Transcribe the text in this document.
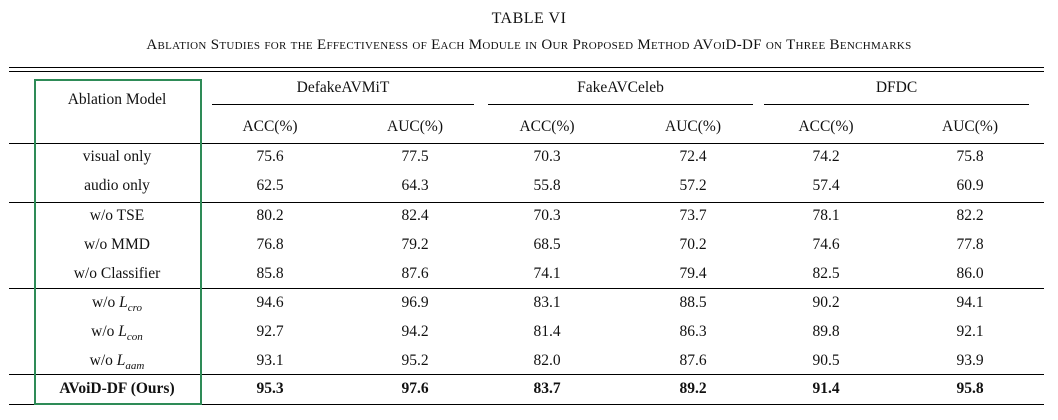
TABLE VI
Ablation Studies for the Effectiveness of Each Module in Our Proposed Method AVoiD-DF on Three Benchmarks
Ablation Model
DefakeAVMiT	FakeAVCeleb	DFDC
ACC(%)	AUC(%)	ACC(%)	AUC(%)	ACC(%)	AUC(%)
visual only	75.6	77.5	70.3	72.4	74.2	75.8
audio only	62.5	64.3	55.8	57.2	57.4	60.9
w/o TSE	80.2	82.4	70.3	73.7	78.1	82.2
w/o MMD	76.8	79.2	68.5	70.2	74.6	77.8
w/o Classifier	85.8	87.6	74.1	79.4	82.5	86.0
w/o $L_{cro}$	94.6	96.9	83.1	88.5	90.2	94.1
w/o $L_{con}$	92.7	94.2	81.4	86.3	89.8	92.1
w/o $L_{aam}$	93.1	95.2	82.0	87.6	90.5	93.9
AVoiD-DF (Ours)	95.3	97.6	83.7	89.2	91.4	95.8
